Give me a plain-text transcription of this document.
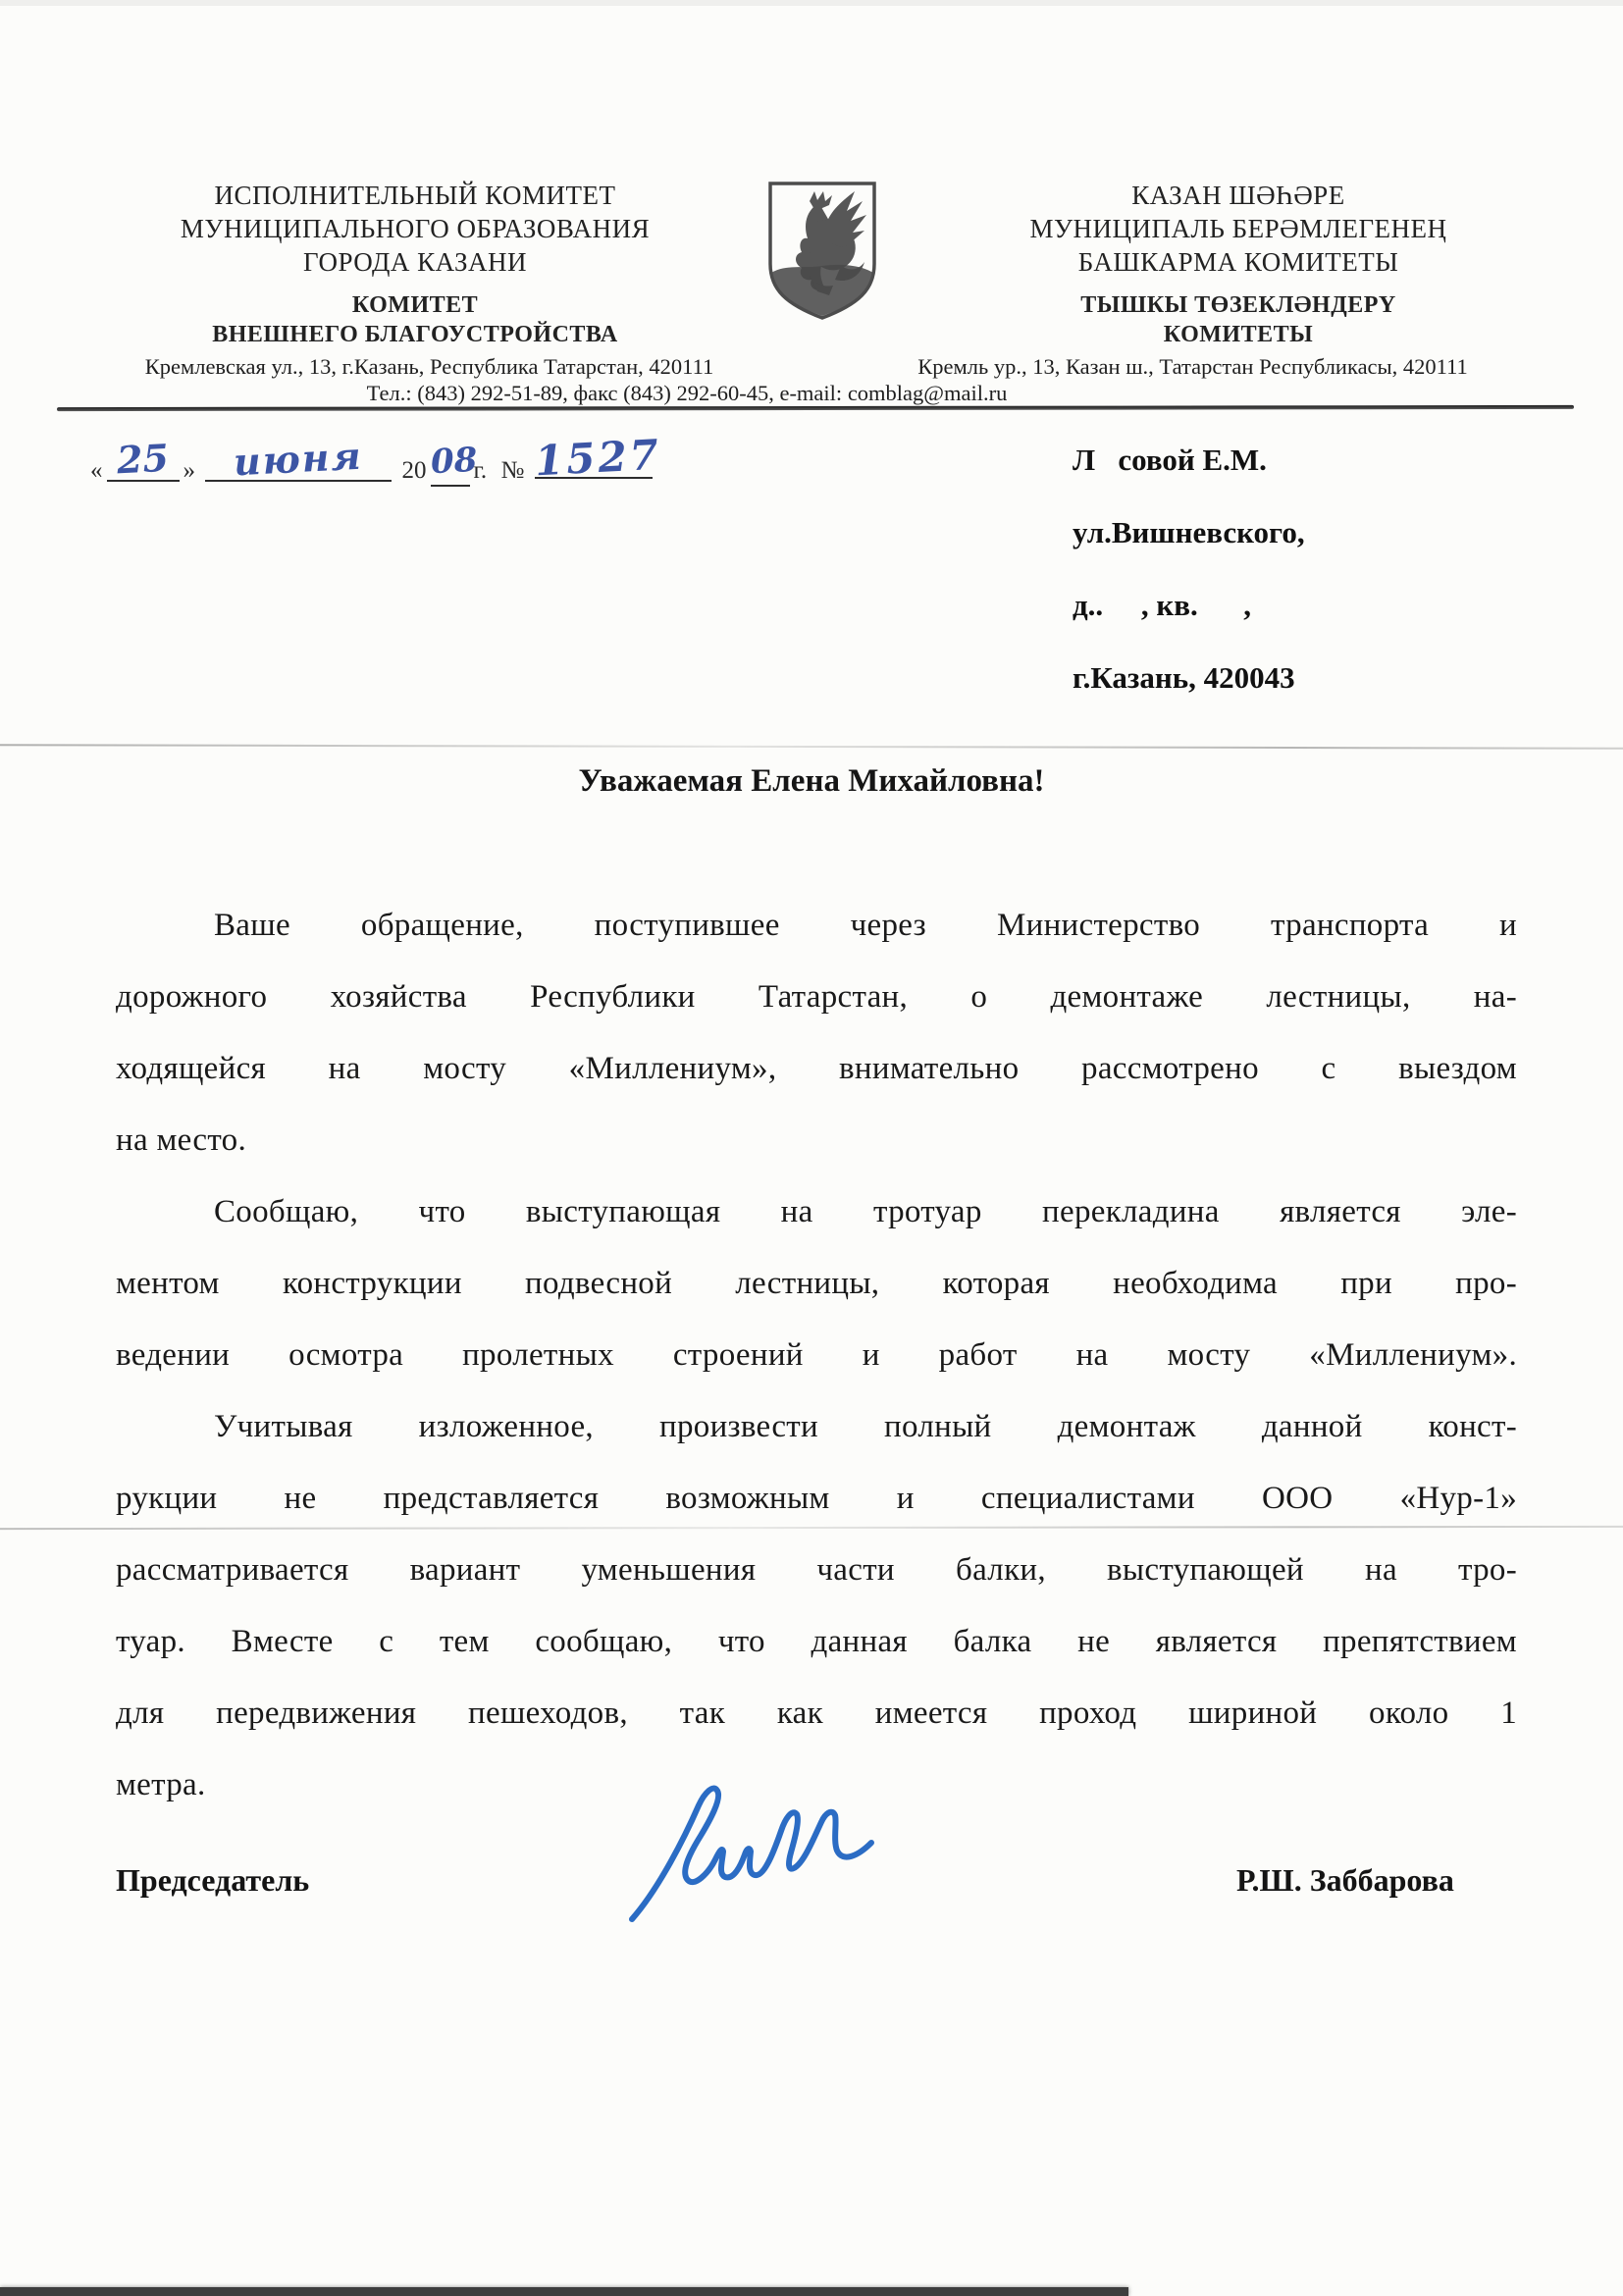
ИСПОЛНИТЕЛЬНЫЙ КОМИТЕТ
МУНИЦИПАЛЬНОГО ОБРАЗОВАНИЯ
ГОРОДА КАЗАНИ
КОМИТЕТ
ВНЕШНЕГО БЛАГОУСТРОЙСТВА
КАЗАН ШӘҺӘРЕ
МУНИЦИПАЛЬ БЕРӘМЛЕГЕНЕҢ
БАШКАРМА КОМИТЕТЫ
ТЫШКЫ ТӨЗЕКЛӘНДЕРҮ
КОМИТЕТЫ
Кремлевская ул., 13, г.Казань, Республика Татарстан, 420111	Кремль ур., 13, Казан ш., Татарстан Республикасы, 420111
Тел.: (843) 292-51-89, факс (843) 292-60-45, e-mail: comblag@mail.ru
« 25 » июня 2008г. № 1527	Л   совой Е.М.
ул.Вишневского,
д..     , кв.      ,
г.Казань, 420043
Уважаемая Елена Михайловна!
Ваше обращение, поступившее через Министерство транспорта и
дорожного хозяйства Республики Татарстан, о демонтаже лестницы, на-
ходящейся на мосту «Миллениум», внимательно рассмотрено с выездом
на место.
Сообщаю, что выступающая на тротуар перекладина является эле-
ментом конструкции подвесной лестницы, которая необходима при про-
ведении осмотра пролетных строений и работ на мосту «Миллениум».
Учитывая изложенное, произвести полный демонтаж данной конст-
рукции не представляется возможным и специалистами ООО «Нур-1»
рассматривается вариант уменьшения части балки, выступающей на тро-
туар. Вместе с тем сообщаю, что данная балка не является препятствием
для передвижения пешеходов, так как имеется проход шириной около 1
метра.
Председатель	Р.Ш. Заббарова
